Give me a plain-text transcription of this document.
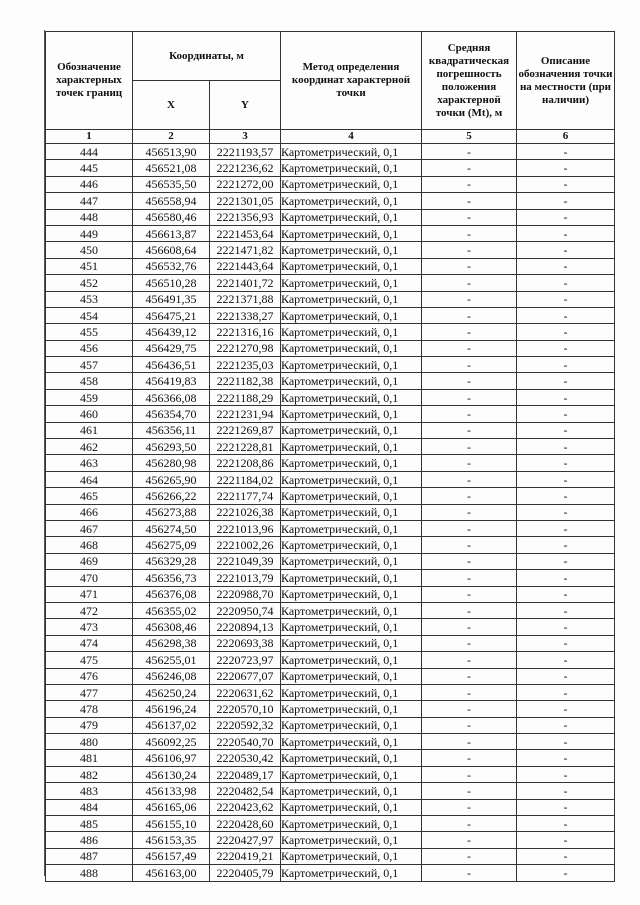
Обозначение характерных точек границ	Координаты, м		Метод определения координат характерной точки	Средняя квадратическая погрешность положения характерной точки (Mt), м	Описание обозначения точки на местности (при наличии)
	X	Y			
1	2	3	4	5	6
444	456513,90	2221193,57	Картометрический, 0,1	-	-
445	456521,08	2221236,62	Картометрический, 0,1	-	-
446	456535,50	2221272,00	Картометрический, 0,1	-	-
447	456558,94	2221301,05	Картометрический, 0,1	-	-
448	456580,46	2221356,93	Картометрический, 0,1	-	-
449	456613,87	2221453,64	Картометрический, 0,1	-	-
450	456608,64	2221471,82	Картометрический, 0,1	-	-
451	456532,76	2221443,64	Картометрический, 0,1	-	-
452	456510,28	2221401,72	Картометрический, 0,1	-	-
453	456491,35	2221371,88	Картометрический, 0,1	-	-
454	456475,21	2221338,27	Картометрический, 0,1	-	-
455	456439,12	2221316,16	Картометрический, 0,1	-	-
456	456429,75	2221270,98	Картометрический, 0,1	-	-
457	456436,51	2221235,03	Картометрический, 0,1	-	-
458	456419,83	2221182,38	Картометрический, 0,1	-	-
459	456366,08	2221188,29	Картометрический, 0,1	-	-
460	456354,70	2221231,94	Картометрический, 0,1	-	-
461	456356,11	2221269,87	Картометрический, 0,1	-	-
462	456293,50	2221228,81	Картометрический, 0,1	-	-
463	456280,98	2221208,86	Картометрический, 0,1	-	-
464	456265,90	2221184,02	Картометрический, 0,1	-	-
465	456266,22	2221177,74	Картометрический, 0,1	-	-
466	456273,88	2221026,38	Картометрический, 0,1	-	-
467	456274,50	2221013,96	Картометрический, 0,1	-	-
468	456275,09	2221002,26	Картометрический, 0,1	-	-
469	456329,28	2221049,39	Картометрический, 0,1	-	-
470	456356,73	2221013,79	Картометрический, 0,1	-	-
471	456376,08	2220988,70	Картометрический, 0,1	-	-
472	456355,02	2220950,74	Картометрический, 0,1	-	-
473	456308,46	2220894,13	Картометрический, 0,1	-	-
474	456298,38	2220693,38	Картометрический, 0,1	-	-
475	456255,01	2220723,97	Картометрический, 0,1	-	-
476	456246,08	2220677,07	Картометрический, 0,1	-	-
477	456250,24	2220631,62	Картометрический, 0,1	-	-
478	456196,24	2220570,10	Картометрический, 0,1	-	-
479	456137,02	2220592,32	Картометрический, 0,1	-	-
480	456092,25	2220540,70	Картометрический, 0,1	-	-
481	456106,97	2220530,42	Картометрический, 0,1	-	-
482	456130,24	2220489,17	Картометрический, 0,1	-	-
483	456133,98	2220482,54	Картометрический, 0,1	-	-
484	456165,06	2220423,62	Картометрический, 0,1	-	-
485	456155,10	2220428,60	Картометрический, 0,1	-	-
486	456153,35	2220427,97	Картометрический, 0,1	-	-
487	456157,49	2220419,21	Картометрический, 0,1	-	-
488	456163,00	2220405,79	Картометрический, 0,1	-	-
